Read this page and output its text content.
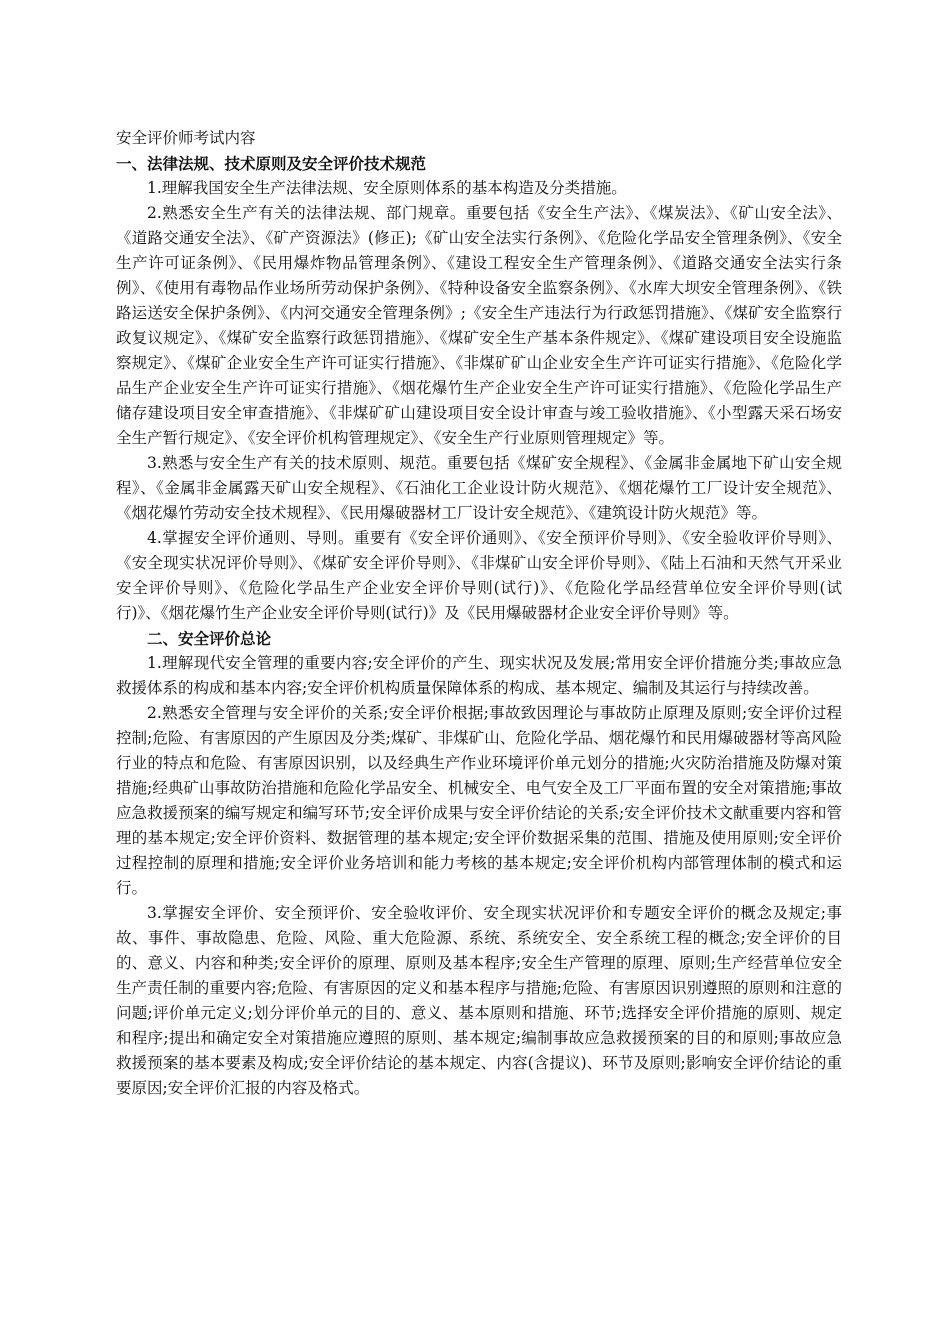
安全评价师考试内容

一、法律法规、技术原则及安全评价技术规范

1.理解我国安全生产法律法规、安全原则体系的基本构造及分类措施。

2.熟悉安全生产有关的法律法规、部门规章。重要包括《安全生产法》、《煤炭法》、《矿山安全法》、《道路交通安全法》、《矿产资源法》(修正);《矿山安全法实行条例》、《危险化学品安全管理条例》、《安全生产许可证条例》、《民用爆炸物品管理条例》、《建设工程安全生产管理条例》、《道路交通安全法实行条例》、《使用有毒物品作业场所劳动保护条例》、《特种设备安全监察条例》、《水库大坝安全管理条例》、《铁路运送安全保护条例》、《内河交通安全管理条例》;《安全生产违法行为行政惩罚措施》、《煤矿安全监察行政复议规定》、《煤矿安全监察行政惩罚措施》、《煤矿安全生产基本条件规定》、《煤矿建设项目安全设施监察规定》、《煤矿企业安全生产许可证实行措施》、《非煤矿矿山企业安全生产许可证实行措施》、《危险化学品生产企业安全生产许可证实行措施》、《烟花爆竹生产企业安全生产许可证实行措施》、《危险化学品生产储存建设项目安全审查措施》、《非煤矿矿山建设项目安全设计审查与竣工验收措施》、《小型露天采石场安全生产暂行规定》、《安全评价机构管理规定》、《安全生产行业原则管理规定》等。

3.熟悉与安全生产有关的技术原则、规范。重要包括《煤矿安全规程》、《金属非金属地下矿山安全规程》、《金属非金属露天矿山安全规程》、《石油化工企业设计防火规范》、《烟花爆竹工厂设计安全规范》、《烟花爆竹劳动安全技术规程》、《民用爆破器材工厂设计安全规范》、《建筑设计防火规范》等。

4.掌握安全评价通则、导则。重要有《安全评价通则》、《安全预评价导则》、《安全验收评价导则》、《安全现实状况评价导则》、《煤矿安全评价导则》、《非煤矿山安全评价导则》、《陆上石油和天然气开采业安全评价导则》、《危险化学品生产企业安全评价导则(试行)》、《危险化学品经营单位安全评价导则(试行)》、《烟花爆竹生产企业安全评价导则(试行)》及《民用爆破器材企业安全评价导则》等。

二、安全评价总论

1.理解现代安全管理的重要内容;安全评价的产生、现实状况及发展;常用安全评价措施分类;事故应急救援体系的构成和基本内容;安全评价机构质量保障体系的构成、基本规定、编制及其运行与持续改善。

2.熟悉安全管理与安全评价的关系;安全评价根据;事故致因理论与事故防止原理及原则;安全评价过程控制;危险、有害原因的产生原因及分类;煤矿、非煤矿山、危险化学品、烟花爆竹和民用爆破器材等高风险行业的特点和危险、有害原因识别，以及经典生产作业环境评价单元划分的措施;火灾防治措施及防爆对策措施;经典矿山事故防治措施和危险化学品安全、机械安全、电气安全及工厂平面布置的安全对策措施;事故应急救援预案的编写规定和编写环节;安全评价成果与安全评价结论的关系;安全评价技术文献重要内容和管理的基本规定;安全评价资料、数据管理的基本规定;安全评价数据采集的范围、措施及使用原则;安全评价过程控制的原理和措施;安全评价业务培训和能力考核的基本规定;安全评价机构内部管理体制的模式和运行。

3.掌握安全评价、安全预评价、安全验收评价、安全现实状况评价和专题安全评价的概念及规定;事故、事件、事故隐患、危险、风险、重大危险源、系统、系统安全、安全系统工程的概念;安全评价的目的、意义、内容和种类;安全评价的原理、原则及基本程序;安全生产管理的原理、原则;生产经营单位安全生产责任制的重要内容;危险、有害原因的定义和基本程序与措施;危险、有害原因识别遵照的原则和注意的问题;评价单元定义;划分评价单元的目的、意义、基本原则和措施、环节;选择安全评价措施的原则、规定和程序;提出和确定安全对策措施应遵照的原则、基本规定;编制事故应急救援预案的目的和原则;事故应急救援预案的基本要素及构成;安全评价结论的基本规定、内容(含提议)、环节及原则;影响安全评价结论的重要原因;安全评价汇报的内容及格式。
